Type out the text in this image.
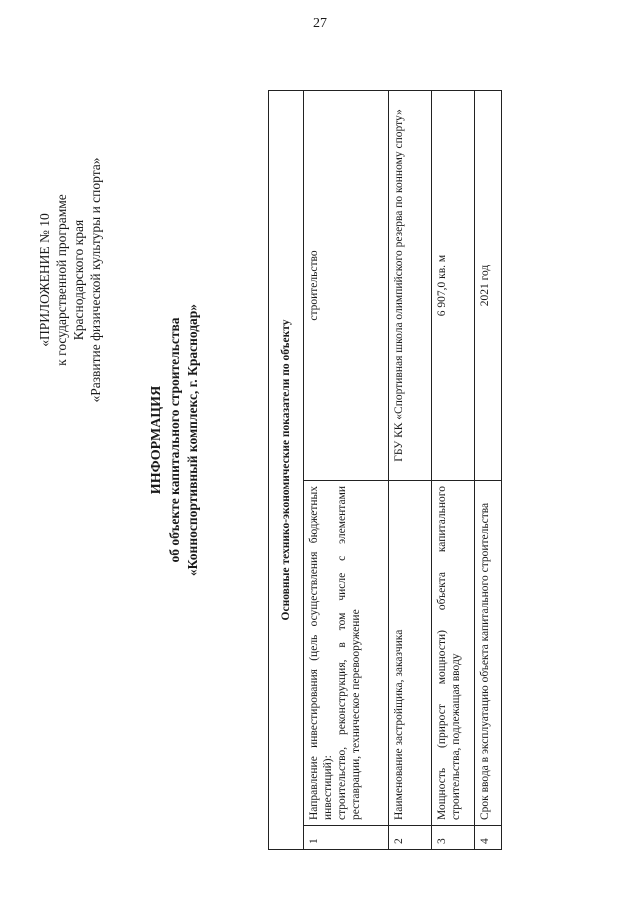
27
«ПРИЛОЖЕНИЕ № 10 к государственной программе Краснодарского края «Развитие физической культуры и спорта»
ИНФОРМАЦИЯ об объекте капитального строительства «Конноспортивный комплекс, г. Краснодар»	Основные технико-экономические показатели по объекту		
1	Направление инвестирования (цель осуществления бюджетных инвестиций): строительство, реконструкция, в том числе с элементами реставрации, техническое перевооружение	строительство
2	Наименование застройщика, заказчика	ГБУ КК «Спортивная школа олимпийского резерва по конному спорту»
3	Мощность (прирост мощности) объекта капитального строительства, подлежащая вводу	6 907,0 кв. м
4	Срок ввода в эксплуатацию объекта капитального строительства	2021 год
